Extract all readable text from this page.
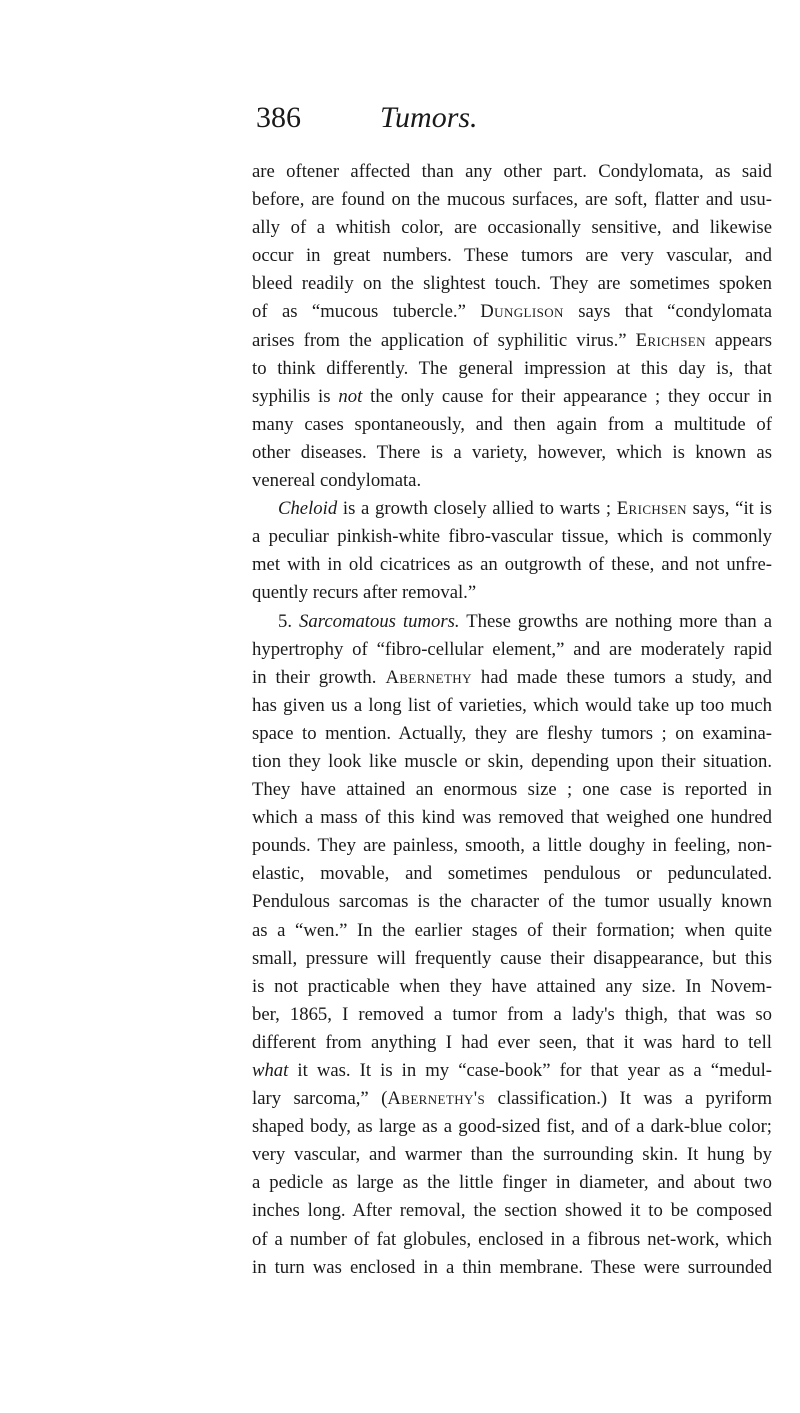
386	Tumors.
are oftener affected than any other part. Condylomata, as said
before, are found on the mucous surfaces, are soft, flatter and usu-
ally of a whitish color, are occasionally sensitive, and likewise
occur in great numbers. These tumors are very vascular, and
bleed readily on the slightest touch. They are sometimes spoken
of as “mucous tubercle.” Dunglison says that “condylomata
arises from the application of syphilitic virus.” Erichsen appears
to think differently. The general impression at this day is, that
syphilis is not the only cause for their appearance ; they occur in
many cases spontaneously, and then again from a multitude of
other diseases. There is a variety, however, which is known as
venereal condylomata.
Cheloid is a growth closely allied to warts ; Erichsen says, “it is
a peculiar pinkish-white fibro-vascular tissue, which is commonly
met with in old cicatrices as an outgrowth of these, and not unfre-
quently recurs after removal.”
5. Sarcomatous tumors. These growths are nothing more than a
hypertrophy of “fibro-cellular element,” and are moderately rapid
in their growth. Abernethy had made these tumors a study, and
has given us a long list of varieties, which would take up too much
space to mention. Actually, they are fleshy tumors ; on examina-
tion they look like muscle or skin, depending upon their situation.
They have attained an enormous size ; one case is reported in
which a mass of this kind was removed that weighed one hundred
pounds. They are painless, smooth, a little doughy in feeling, non-
elastic, movable, and sometimes pendulous or pedunculated.
Pendulous sarcomas is the character of the tumor usually known
as a “wen.” In the earlier stages of their formation; when quite
small, pressure will frequently cause their disappearance, but this
is not practicable when they have attained any size. In Novem-
ber, 1865, I removed a tumor from a lady's thigh, that was so
different from anything I had ever seen, that it was hard to tell
what it was. It is in my “case-book” for that year as a “medul-
lary sarcoma,” (Abernethy's classification.) It was a pyriform
shaped body, as large as a good-sized fist, and of a dark-blue color;
very vascular, and warmer than the surrounding skin. It hung by
a pedicle as large as the little finger in diameter, and about two
inches long. After removal, the section showed it to be composed
of a number of fat globules, enclosed in a fibrous net-work, which
in turn was enclosed in a thin membrane. These were surrounded
